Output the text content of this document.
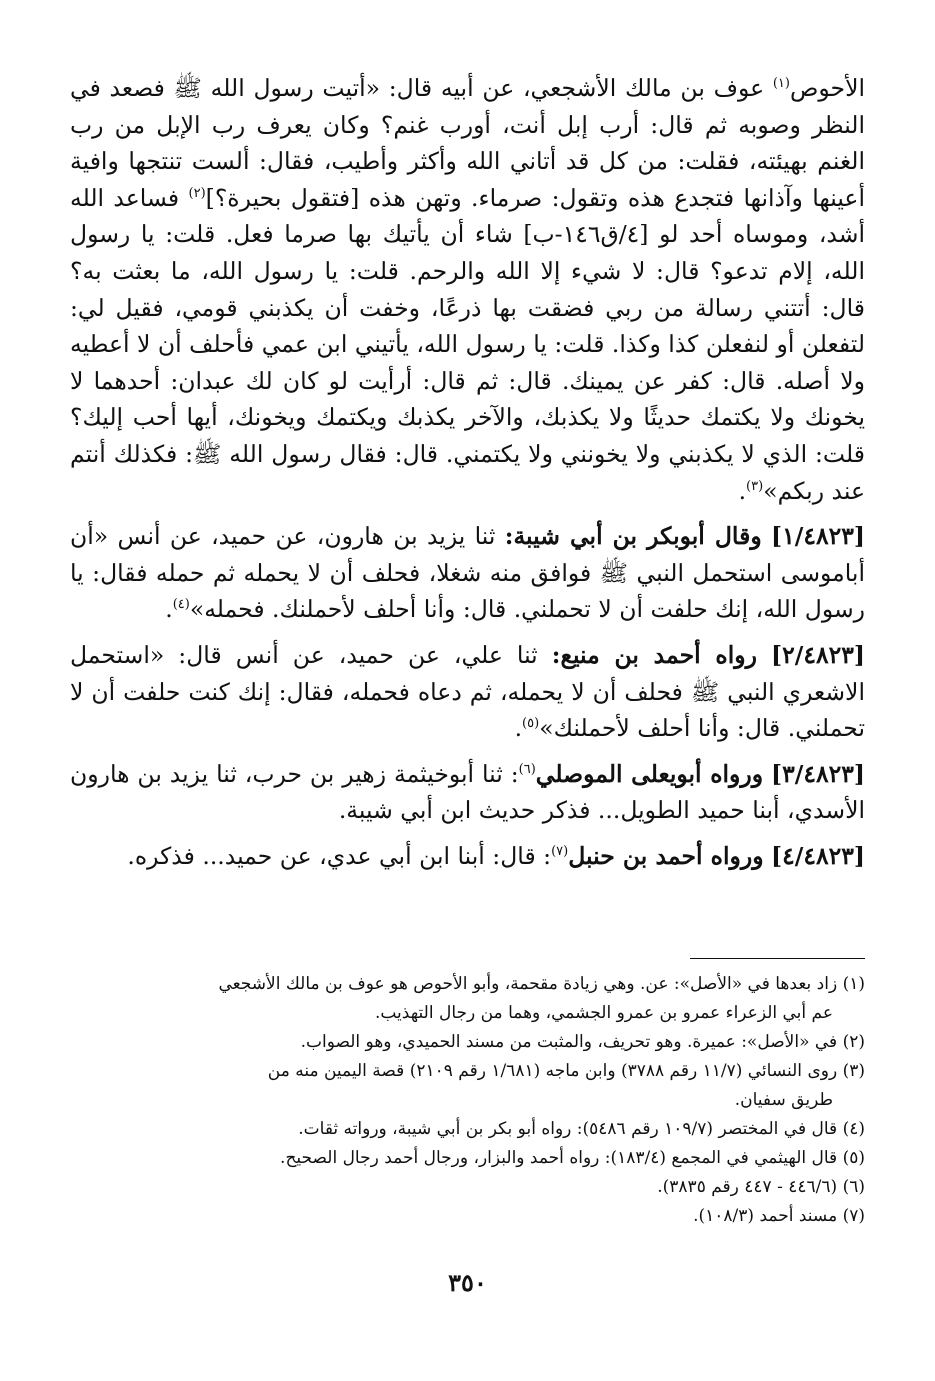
الأحوص$^{(١)}$ عوف بن مالك الأشجعي، عن أبيه قال: «أتيت رسول الله ﷺ فصعد في النظر وصوبه ثم قال: أرب إبل أنت، أورب غنم؟ وكان يعرف رب الإبل من رب الغنم بهيئته، فقلت: من كل قد أتاني الله وأكثر وأطيب، فقال: ألست تنتجها وافية أعينها وآذانها فتجدع هذه وتقول: صرماء. وتهن هذه [فتقول بحيرة؟]$^{(٢)}$ فساعد الله أشد، وموساه أحد لو [٤/ق١٤٦-ب] شاء أن يأتيك بها صرما فعل. قلت: يا رسول الله، إلام تدعو؟ قال: لا شيء إلا الله والرحم. قلت: يا رسول الله، ما بعثت به؟ قال: أتتني رسالة من ربي فضقت بها ذرعًا، وخفت أن يكذبني قومي، فقيل لي: لتفعلن أو لنفعلن كذا وكذا. قلت: يا رسول الله، يأتيني ابن عمي فأحلف أن لا أعطيه ولا أصله. قال: كفر عن يمينك. قال: ثم قال: أرأيت لو كان لك عبدان: أحدهما لا يخونك ولا يكتمك حديثًا ولا يكذبك، والآخر يكذبك ويكتمك ويخونك، أيها أحب إليك؟ قلت: الذي لا يكذبني ولا يخونني ولا يكتمني. قال: فقال رسول الله ﷺ: فكذلك أنتم عند ربكم»$^{(٣)}$.

[١/٤٨٢٣] وقال أبوبكر بن أبي شيبة: ثنا يزيد بن هارون، عن حميد، عن أنس «أن أباموسى استحمل النبي ﷺ فوافق منه شغلا، فحلف أن لا يحمله ثم حمله فقال: يا رسول الله، إنك حلفت أن لا تحملني. قال: وأنا أحلف لأحملنك. فحمله»$^{(٤)}$.

[٢/٤٨٢٣] رواه أحمد بن منيع: ثنا علي، عن حميد، عن أنس قال: «استحمل الاشعري النبي ﷺ فحلف أن لا يحمله، ثم دعاه فحمله، فقال: إنك كنت حلفت أن لا تحملني. قال: وأنا أحلف لأحملنك»$^{(٥)}$.

[٣/٤٨٢٣] ورواه أبويعلى الموصلي$^{(٦)}$: ثنا أبوخيثمة زهير بن حرب، ثنا يزيد بن هارون الأسدي، أبنا حميد الطويل... فذكر حديث ابن أبي شيبة.

[٤/٤٨٢٣] ورواه أحمد بن حنبل$^{(٧)}$: قال: أبنا ابن أبي عدي، عن حميد... فذكره.

(١) زاد بعدها في «الأصل»: عن. وهي زيادة مقحمة، وأبو الأحوص هو عوف بن مالك الأشجعي
عم أبي الزعراء عمرو بن عمرو الجشمي، وهما من رجال التهذيب.

(٢) في «الأصل»: عميرة. وهو تحريف، والمثبت من مسند الحميدي، وهو الصواب.

(٣) روى النسائي (١١/٧ رقم ٣٧٨٨) وابن ماجه (١/٦٨١ رقم ٢١٠٩) قصة اليمين منه من
طريق سفيان.

(٤) قال في المختصر (١٠٩/٧ رقم ٥٤٨٦): رواه أبو بكر بن أبي شيبة، ورواته ثقات.

(٥) قال الهيثمي في المجمع (١٨٣/٤): رواه أحمد والبزار، ورجال أحمد رجال الصحيح.

(٦) (٤٤٦/٦ - ٤٤٧ رقم ٣٨٣٥).

(٧) مسند أحمد (١٠٨/٣).

٣٥٠
